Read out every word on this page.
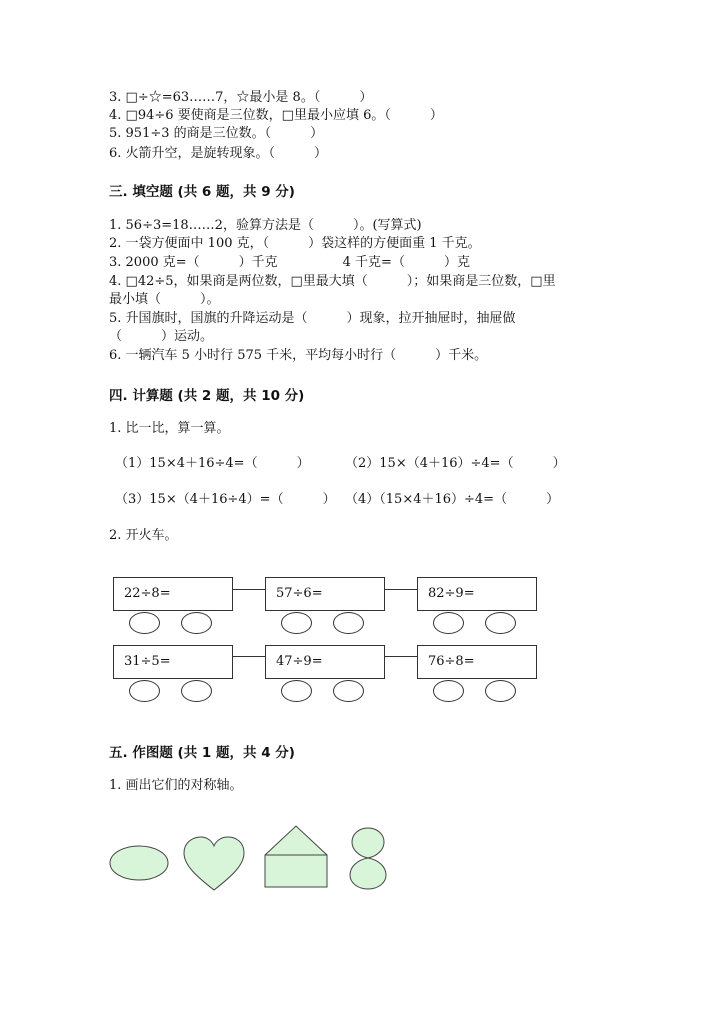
3. □÷☆=63……7，☆最小是 8。（　　　）
4. □94÷6 要使商是三位数，□里最小应填 6。（　　　）
5. 951÷3 的商是三位数。（　　　）
6. 火箭升空，是旋转现象。（　　　）
三. 填空题 (共 6 题，共 9 分)
1. 56÷3=18……2，验算方法是（　　　）。(写算式)
2. 一袋方便面中 100 克，（　　　）袋这样的方便面重 1 千克。
3. 2000 克=（　　　）千克　　　　　4 千克=（　　　）克
4. □42÷5，如果商是两位数，□里最大填（　　　）；如果商是三位数，□里
最小填（　　　）。
5. 升国旗时，国旗的升降运动是（　　　）现象，拉开抽屉时，抽屉做
（　　　）运动。
6. 一辆汽车 5 小时行 575 千米，平均每小时行（　　　）千米。
四. 计算题 (共 2 题，共 10 分)
1. 比一比，算一算。
（1）15×4＋16÷4=（　　　）	（2）15×（4＋16）÷4=（　　　）
（3）15×（4＋16÷4）=（　　　） （4）（15×4＋16）÷4=（　　　）
2. 开火车。
22÷8=	57÷6=	82÷9=
31÷5=	47÷9=	76÷8=
五. 作图题 (共 1 题，共 4 分)
1. 画出它们的对称轴。
